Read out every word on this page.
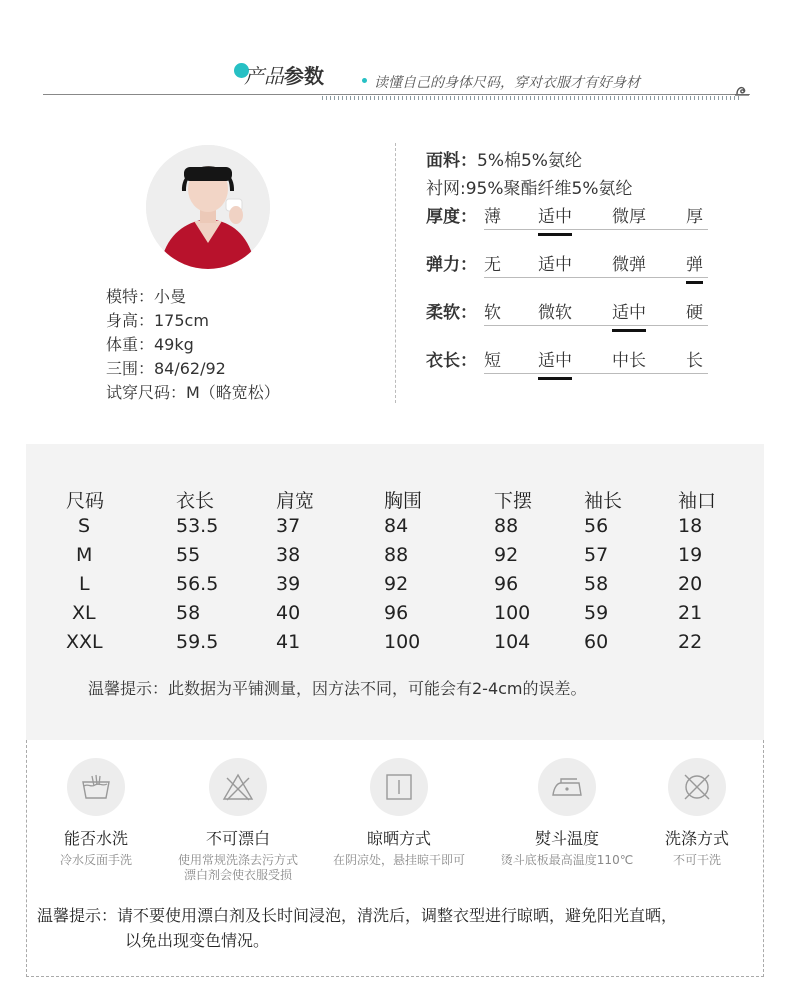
产品参数	读懂自己的身体尺码，穿对衣服才有好身材
模特：小曼
身高：175cm
体重：49kg
三围：84/62/92
试穿尺码：M（略宽松）
面料：5%棉5%氨纶
衬网:95%聚酯纤维5%氨纶
厚度： 薄 适中 微厚 厚
弹力： 无 适中 微弹 弹
柔软： 软 微软 适中 硬
衣长： 短 适中 中长 长
尺码	衣长	肩宽	胸围	下摆	袖长	袖口
S	53.5	37	84	88	56	18
M	55	38	88	92	57	19
L	56.5	39	92	96	58	20
XL	58	40	96	100	59	21
XXL	59.5	41	100	104	60	22
温馨提示：此数据为平铺测量，因方法不同，可能会有2-4cm的误差。
能否水洗
冷水反面手洗
不可漂白
使用常规洗涤去污方式
漂白剂会使衣服受损
晾晒方式
在阴凉处，悬挂晾干即可
熨斗温度
烫斗底板最高温度110℃
洗涤方式
不可干洗
温馨提示：请不要使用漂白剂及长时间浸泡，清洗后，调整衣型进行晾晒，避免阳光直晒，
以免出现变色情况。
